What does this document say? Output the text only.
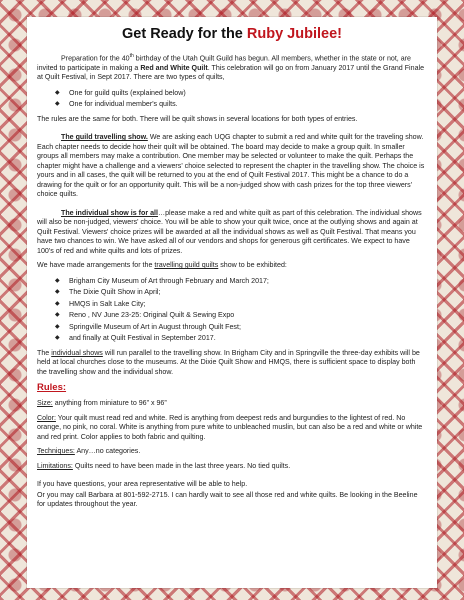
Get Ready for the Ruby Jubilee!

Preparation for the 40th birthday of the Utah Quilt Guild has begun. All members, whether in the state or not, are invited to participate in making a Red and White Quilt. This celebration will go on from January 2017 until the Grand Finale at Quilt Festival, in Sept 2017. There are two types of quilts,

◆ One for guild quilts (explained below)
◆ One for individual member's quilts.

The rules are the same for both. There will be quilt shows in several locations for both types of entries.

The guild travelling show. We are asking each UQG chapter to submit a red and white quilt for the traveling show. Each chapter needs to decide how their quilt will be obtained. The board may decide to make a group quilt. In smaller groups all members may make a contribution. One member may be selected or volunteer to make the quilt. Perhaps the chapter might have a challenge and a viewers' choice selected to represent the chapter in the travelling show. The choice is yours and in all cases, the quilt will be returned to you at the end of Quilt Festival 2017. This might be a chance to do a drawing for the quilt or for an opportunity quilt. This will be a non-judged show with cash prizes for the top three viewers' choice quilts.

The individual show is for all…please make a red and white quilt as part of this celebration. The individual shows will also be non-judged, viewers' choice. You will be able to show your quilt twice, once at the outlying shows and again at Quilt Festival. Viewers' choice prizes will be awarded at all the individual shows as well as Quilt Festival. That means you have two chances to win. We have asked all of our vendors and shops for generous gift certificates. We expect to have 100's of red and white quilts and lots of prizes.

We have made arrangements for the travelling guild quilts show to be exhibited:

◆ Brigham City Museum of Art through February and March 2017;
◆ The Dixie Quilt Show in April;
◆ HMQS in Salt Lake City;
◆ Reno , NV June 23-25: Original Quilt & Sewing Expo
◆ Springville Museum of Art in August through Quilt Fest;
◆ and finally at Quilt Festival in September 2017.

The individual shows will run parallel to the travelling show. In Brigham City and in Springville the three-day exhibits will be held at local churches close to the museums. At the Dixie Quilt Show and HMQS, there is sufficient space to display both the travelling show and the individual show.

Rules:

Size: anything from miniature to 96” x 96”

Color: Your quilt must read red and white. Red is anything from deepest reds and burgundies to the lightest of red. No orange, no pink, no coral. White is anything from pure white to unbleached muslin, but can also be a red and white or white and red print. Color applies to both fabric and quilting.

Techniques: Any…no categories.

Limitations: Quilts need to have been made in the last three years. No tied quilts.

If you have questions, your area representative will be able to help.

Or you may call Barbara at 801-592-2715. I can hardly wait to see all those red and white quilts. Be looking in the Beeline for updates throughout the year.
